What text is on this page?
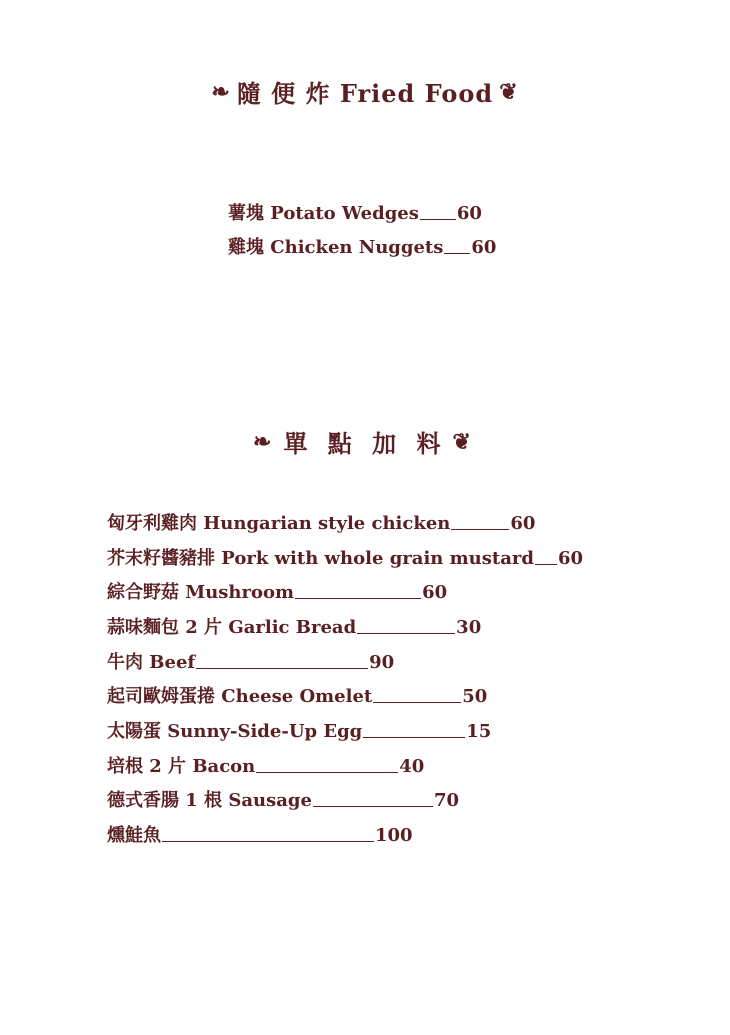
❧ 隨 便 炸 Fried Food ❦
薯塊 Potato Wedges 60
雞塊 Chicken Nuggets 60
❧ 單 點 加 料 ❦
匈牙利雞肉 Hungarian style chicken	60
芥末籽醬豬排 Pork with whole grain mustard 60
綜合野菇 Mushroom	60
蒜味麵包 2 片 Garlic Bread	30
牛肉 Beef	90
起司歐姆蛋捲 Cheese Omelet	50
太陽蛋 Sunny-Side-Up Egg	15
培根 2 片 Bacon	40
德式香腸 1 根 Sausage	70
燻鮭魚	100
